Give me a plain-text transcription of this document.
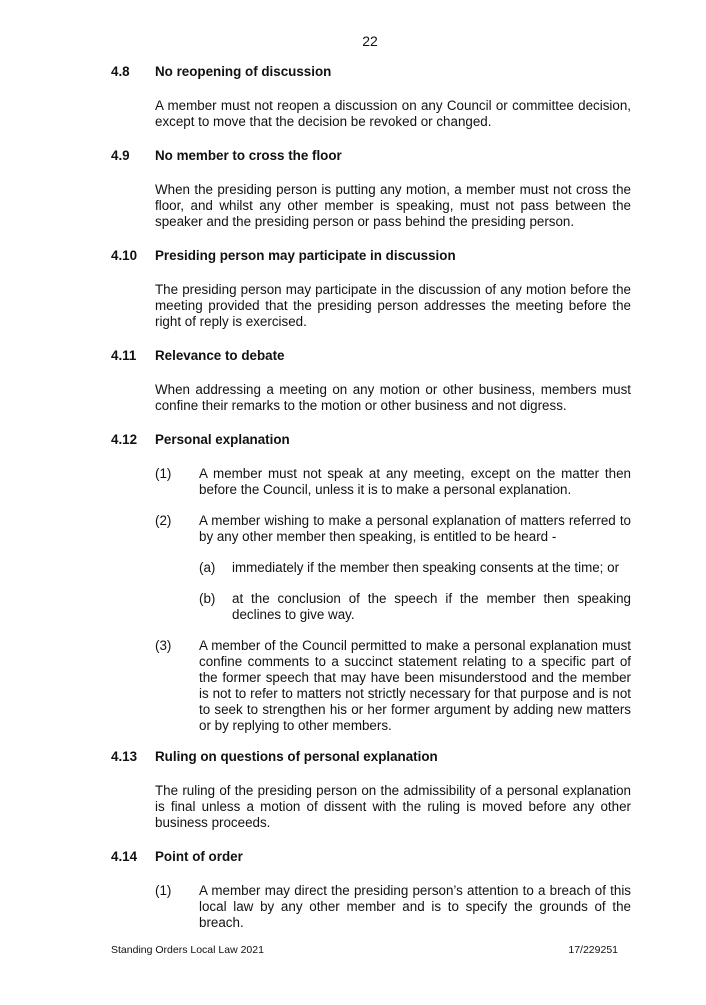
22
4.8	No reopening of discussion
A member must not reopen a discussion on any Council or committee decision, except to move that the decision be revoked or changed.
4.9	No member to cross the floor
When the presiding person is putting any motion, a member must not cross the floor, and whilst any other member is speaking, must not pass between the speaker and the presiding person or pass behind the presiding person.
4.10	Presiding person may participate in discussion
The presiding person may participate in the discussion of any motion before the meeting provided that the presiding person addresses the meeting before the right of reply is exercised.
4.11	Relevance to debate
When addressing a meeting on any motion or other business, members must confine their remarks to the motion or other business and not digress.
4.12	Personal explanation
(1)	A member must not speak at any meeting, except on the matter then before the Council, unless it is to make a personal explanation.
(2)	A member wishing to make a personal explanation of matters referred to by any other member then speaking, is entitled to be heard -
(a)	immediately if the member then speaking consents at the time; or
(b)	at the conclusion of the speech if the member then speaking declines to give way.
(3)	A member of the Council permitted to make a personal explanation must confine comments to a succinct statement relating to a specific part of the former speech that may have been misunderstood and the member is not to refer to matters not strictly necessary for that purpose and is not to seek to strengthen his or her former argument by adding new matters or by replying to other members.
4.13	Ruling on questions of personal explanation
The ruling of the presiding person on the admissibility of a personal explanation is final unless a motion of dissent with the ruling is moved before any other business proceeds.
4.14	Point of order
(1)	A member may direct the presiding person’s attention to a breach of this local law by any other member and is to specify the grounds of the breach.
Standing Orders Local Law 2021	17/229251
